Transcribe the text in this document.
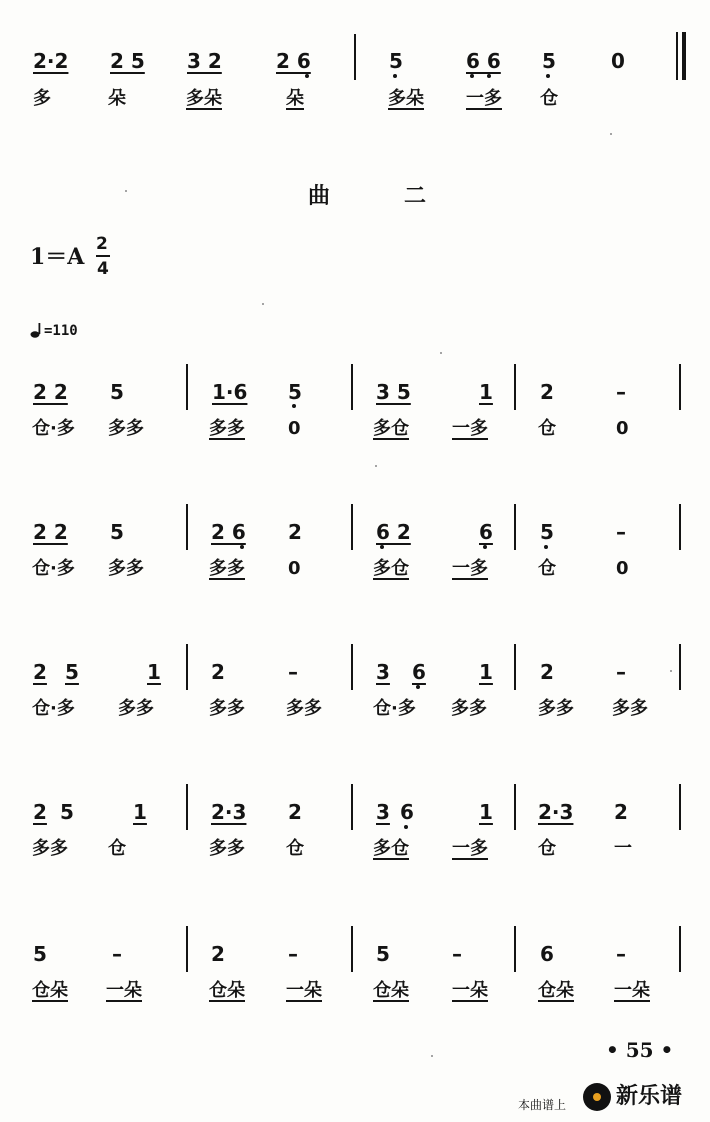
2·2 2 5 3 2	2 6	5	6 6 5	0
多	朵	多朵	朵	多朵 一多 仓
曲　二
1＝A 2
4
=110
2 2 5	1·6 5	3 5	1 2	–
仓·多 多多	多多 0	多仓 一多	仓	0
2 2 5	2 6 2	6 2	6 5	–
仓·多 多多	多多 0	多仓 一多	仓	0
2 5	1	2	–	3 6	1 2	–
仓·多 多多	多多 多多	仓·多 多多	多多 多多
2 5	1	2·3 2	3 6	1 2·3 2
多多 仓	多多 仓	多仓 一多	仓	一
5	–	2	–	5	–	6	–
仓朵 一朵	仓朵 一朵	仓朵 一朵	仓朵 一朵
• 55 •
本曲谱上 新乐谱
